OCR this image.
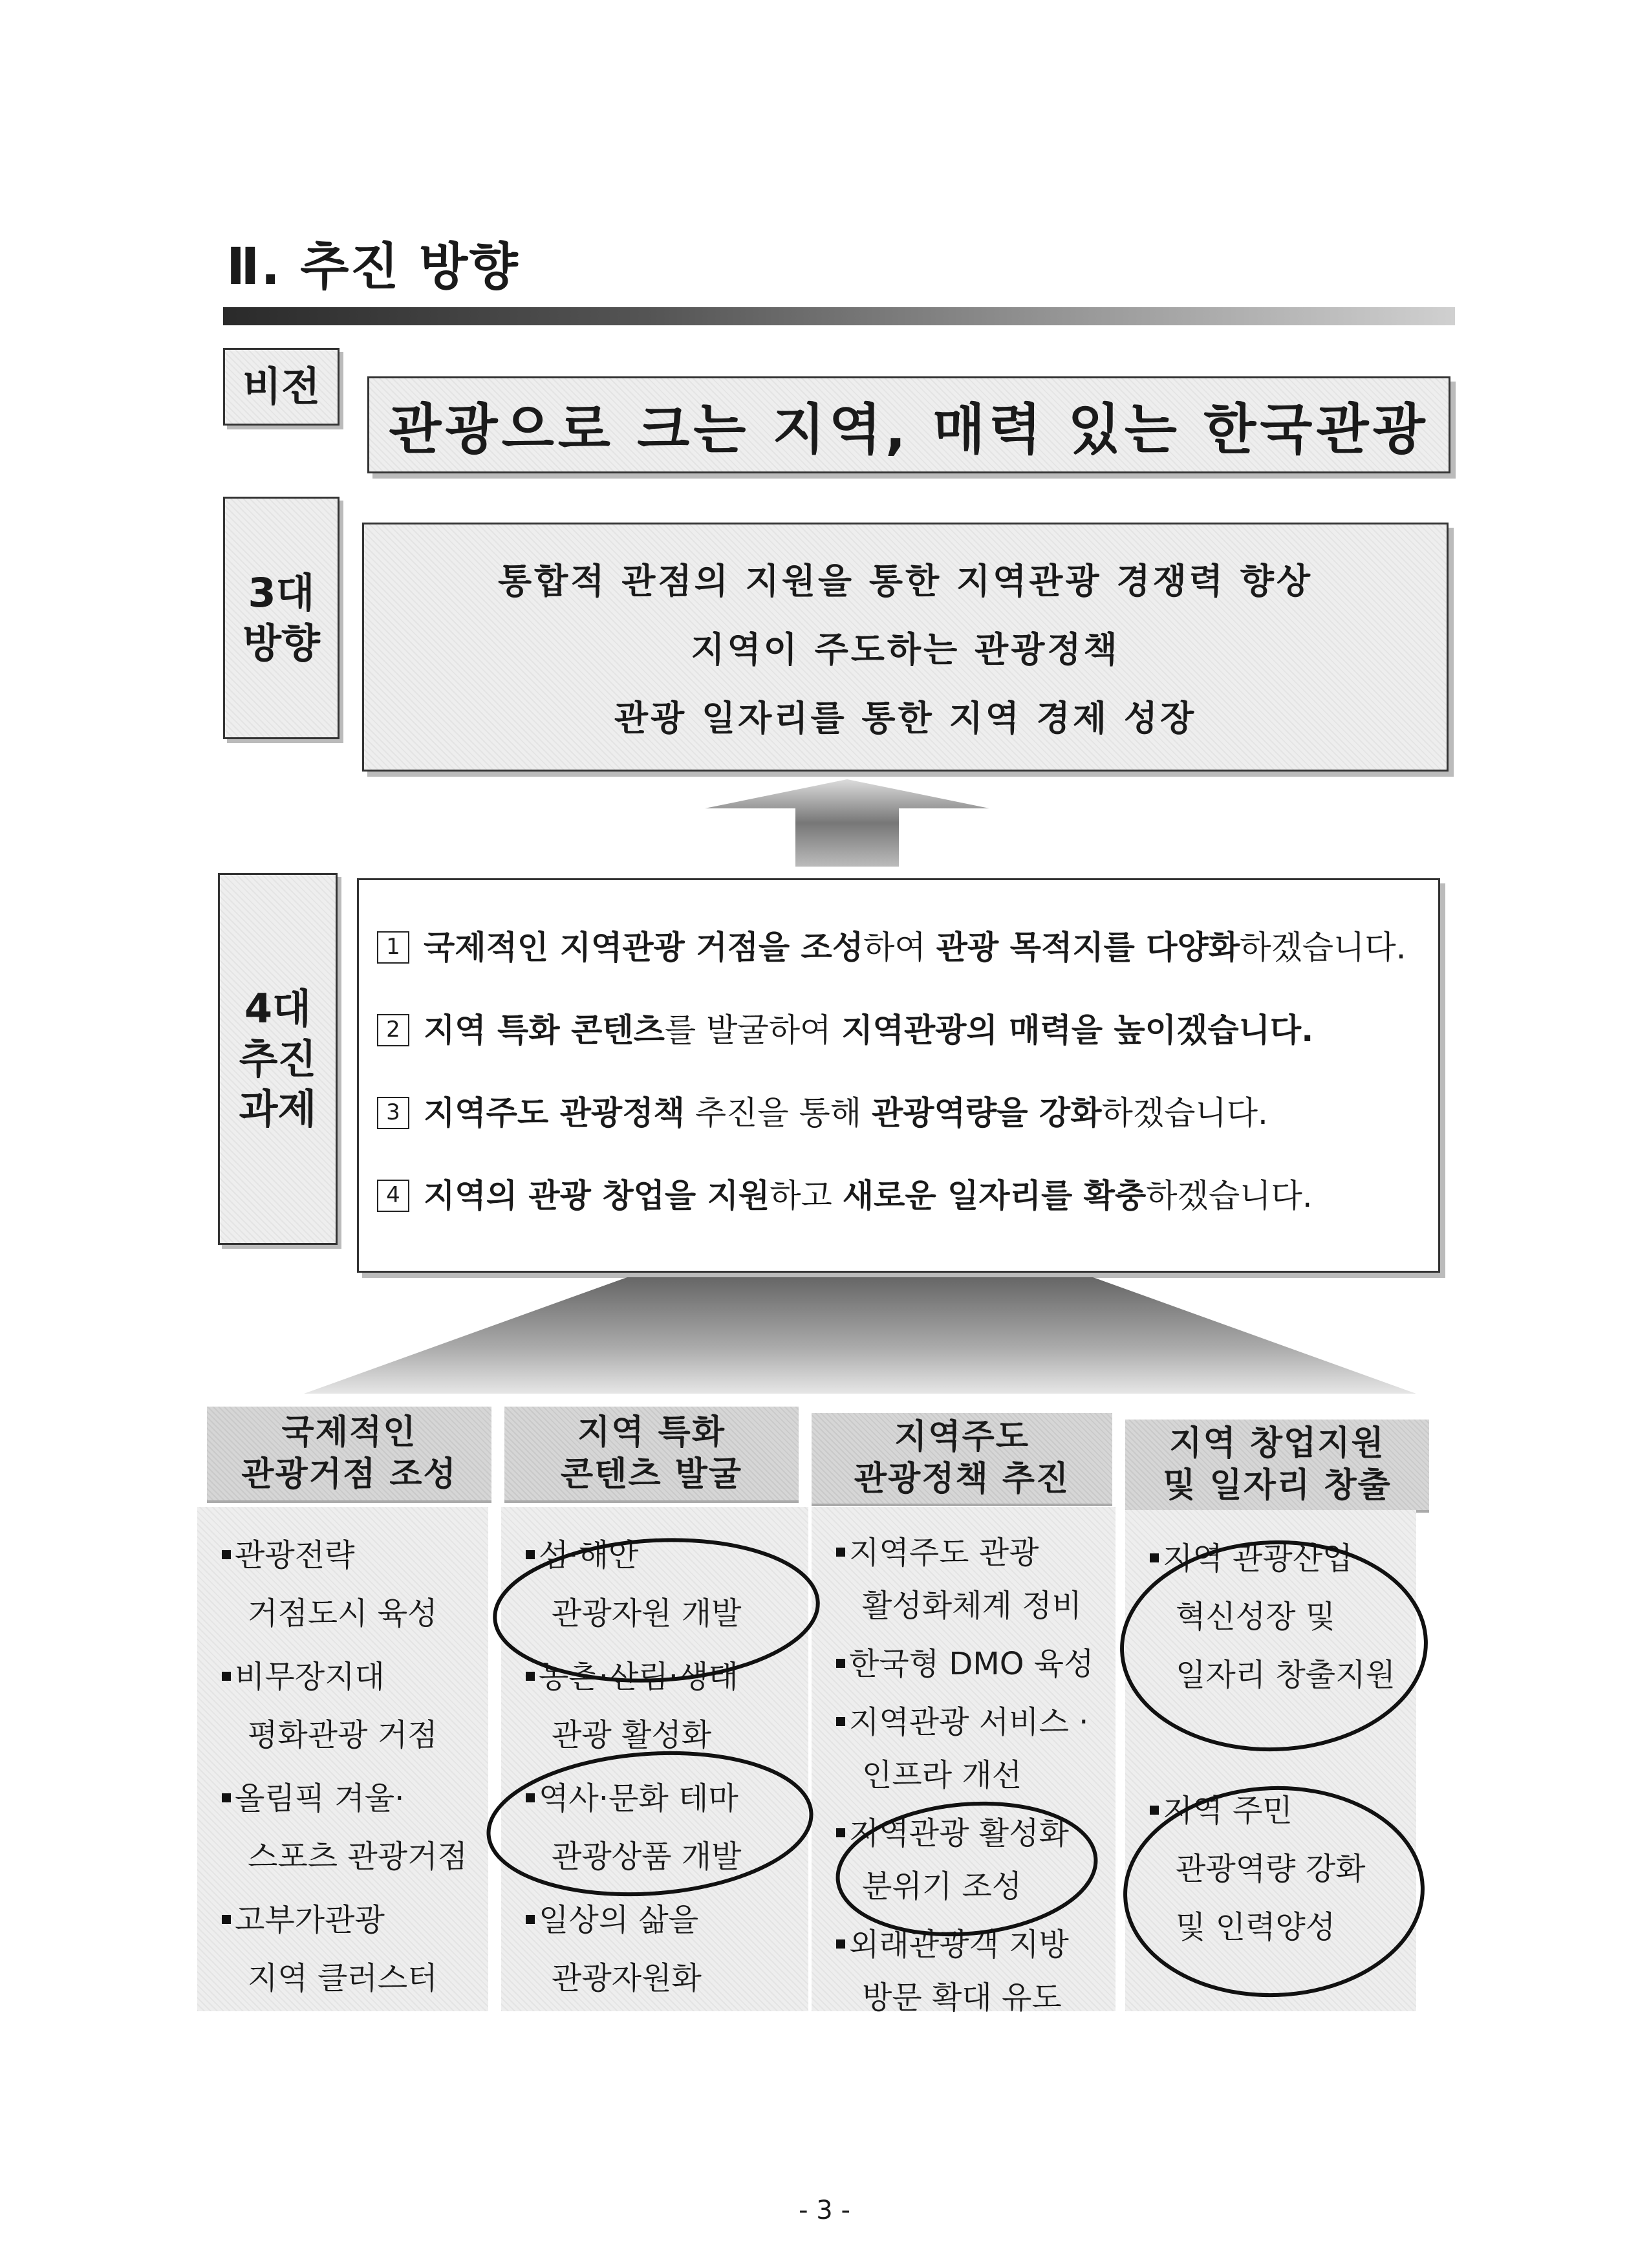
Ⅱ. 추진 방향
비전
관광으로 크는 지역, 매력 있는 한국관광
3대
방향
통합적 관점의 지원을 통한 지역관광 경쟁력 향상
지역이 주도하는 관광정책
관광 일자리를 통한 지역 경제 성장
4대
추진
과제
1 국제적인 지역관광 거점을 조성하여 관광 목적지를 다양화하겠습니다.
2 지역 특화 콘텐츠를 발굴하여 지역관광의 매력을 높이겠습니다.
3 지역주도 관광정책 추진을 통해 관광역량을 강화하겠습니다.
4 지역의 관광 창업을 지원하고 새로운 일자리를 확충하겠습니다.
국제적인
관광거점 조성
지역 특화
콘텐츠 발굴
지역주도
관광정책 추진
지역 창업지원
및 일자리 창출
관광전략
거점도시 육성
비무장지대
평화관광 거점
올림픽 겨울·
스포츠 관광거점
고부가관광
지역 클러스터
섬·해안
관광자원 개발
농촌·산림·생태
관광 활성화
역사·문화 테마
관광상품 개발
일상의 삶을
관광자원화
지역주도 관광
활성화체계 정비
한국형 DMO 육성
지역관광 서비스 ·
인프라 개선
지역관광 활성화
분위기 조성
외래관광객 지방
방문 확대 유도
지역 관광산업
혁신성장 및
일자리 창출지원
지역 주민
관광역량 강화
및 인력양성
- 3 -
